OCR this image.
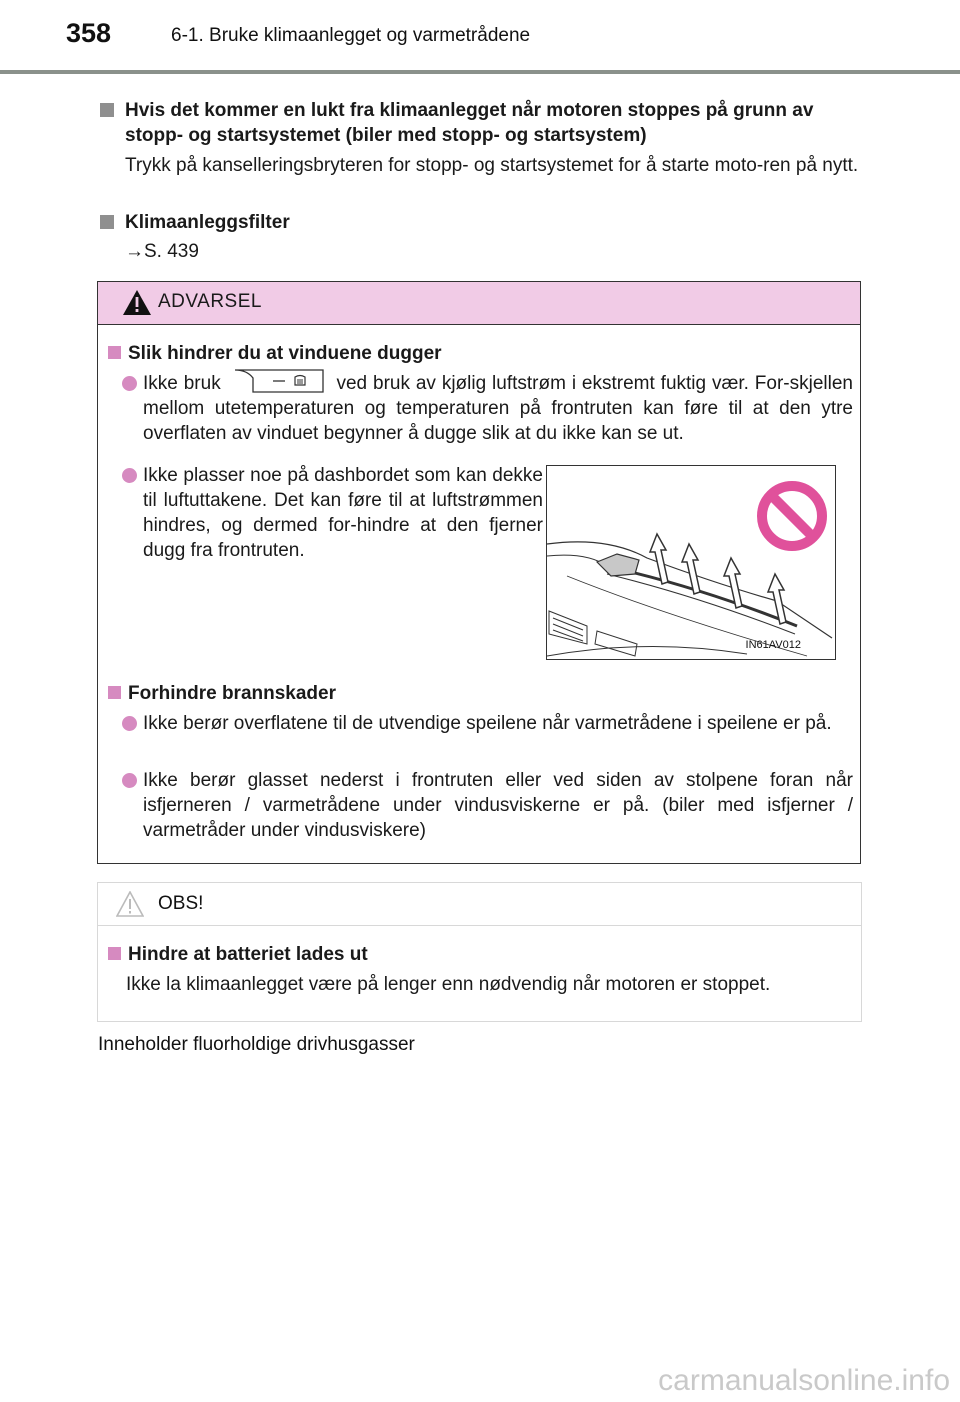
358	6-1. Bruke klimaanlegget og varmetrådene
Hvis det kommer en lukt fra klimaanlegget når motoren stoppes på grunn av stopp- og startsystemet (biler med stopp- og startsystem)
Trykk på kanselleringsbryteren for stopp- og startsystemet for å starte moto-ren på nytt.
Klimaanleggsfilter
→S. 439
ADVARSEL
Slik hindrer du at vinduene dugger
Ikke bruk	ved bruk av kjølig luftstrøm i ekstremt fuktig vær. For-skjellen mellom utetemperaturen og temperaturen på frontruten kan føre til at den ytre overflaten av vinduet begynner å dugge slik at du ikke kan se ut.
Ikke plasser noe på dashbordet som kan dekke til luftuttakene. Det kan føre til at luftstrømmen hindres, og dermed for-hindre at den fjerner dugg fra frontruten.
Forhindre brannskader
Ikke berør overflatene til de utvendige speilene når varmetrådene i speilene er på.
Ikke berør glasset nederst i frontruten eller ved siden av stolpene foran når isfjerneren / varmetrådene under vindusviskerne er på. (biler med isfjerner / varmetråder under vindusviskere)
IN61AV012
OBS!
Hindre at batteriet lades ut
Ikke la klimaanlegget være på lenger enn nødvendig når motoren er stoppet.
Inneholder fluorholdige drivhusgasser
carmanualsonline.info
